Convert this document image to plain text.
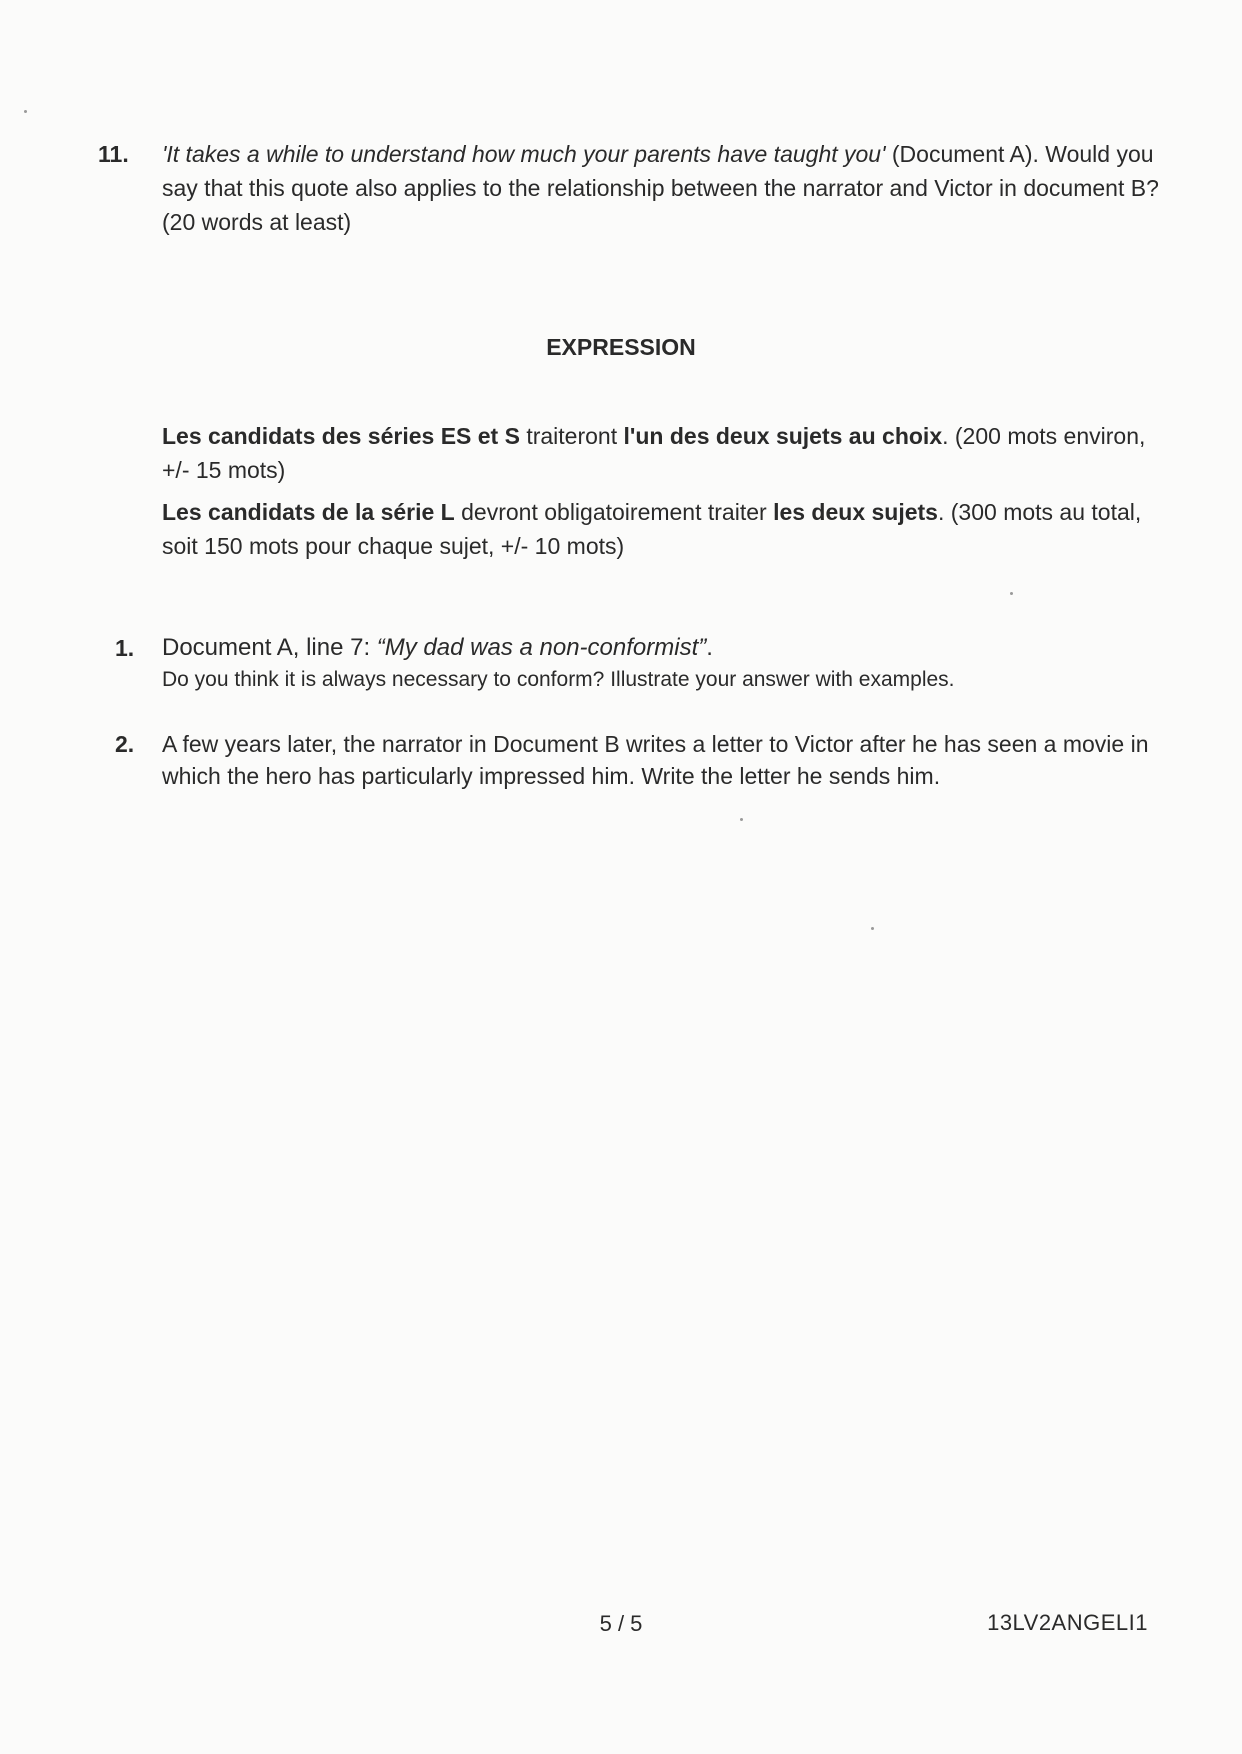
11. 'It takes a while to understand how much your parents have taught you' (Document A). Would you say that this quote also applies to the relationship between the narrator and Victor in document B? (20 words at least)
EXPRESSION
Les candidats des séries ES et S traiteront l'un des deux sujets au choix. (200 mots environ, +/- 15 mots)
Les candidats de la série L devront obligatoirement traiter les deux sujets. (300 mots au total, soit 150 mots pour chaque sujet, +/- 10 mots)
1. Document A, line 7: “My dad was a non-conformist”.
Do you think it is always necessary to conform? Illustrate your answer with examples.
2. A few years later, the narrator in Document B writes a letter to Victor after he has seen a movie in which the hero has particularly impressed him. Write the letter he sends him.
5 / 5	13LV2ANGELI1
